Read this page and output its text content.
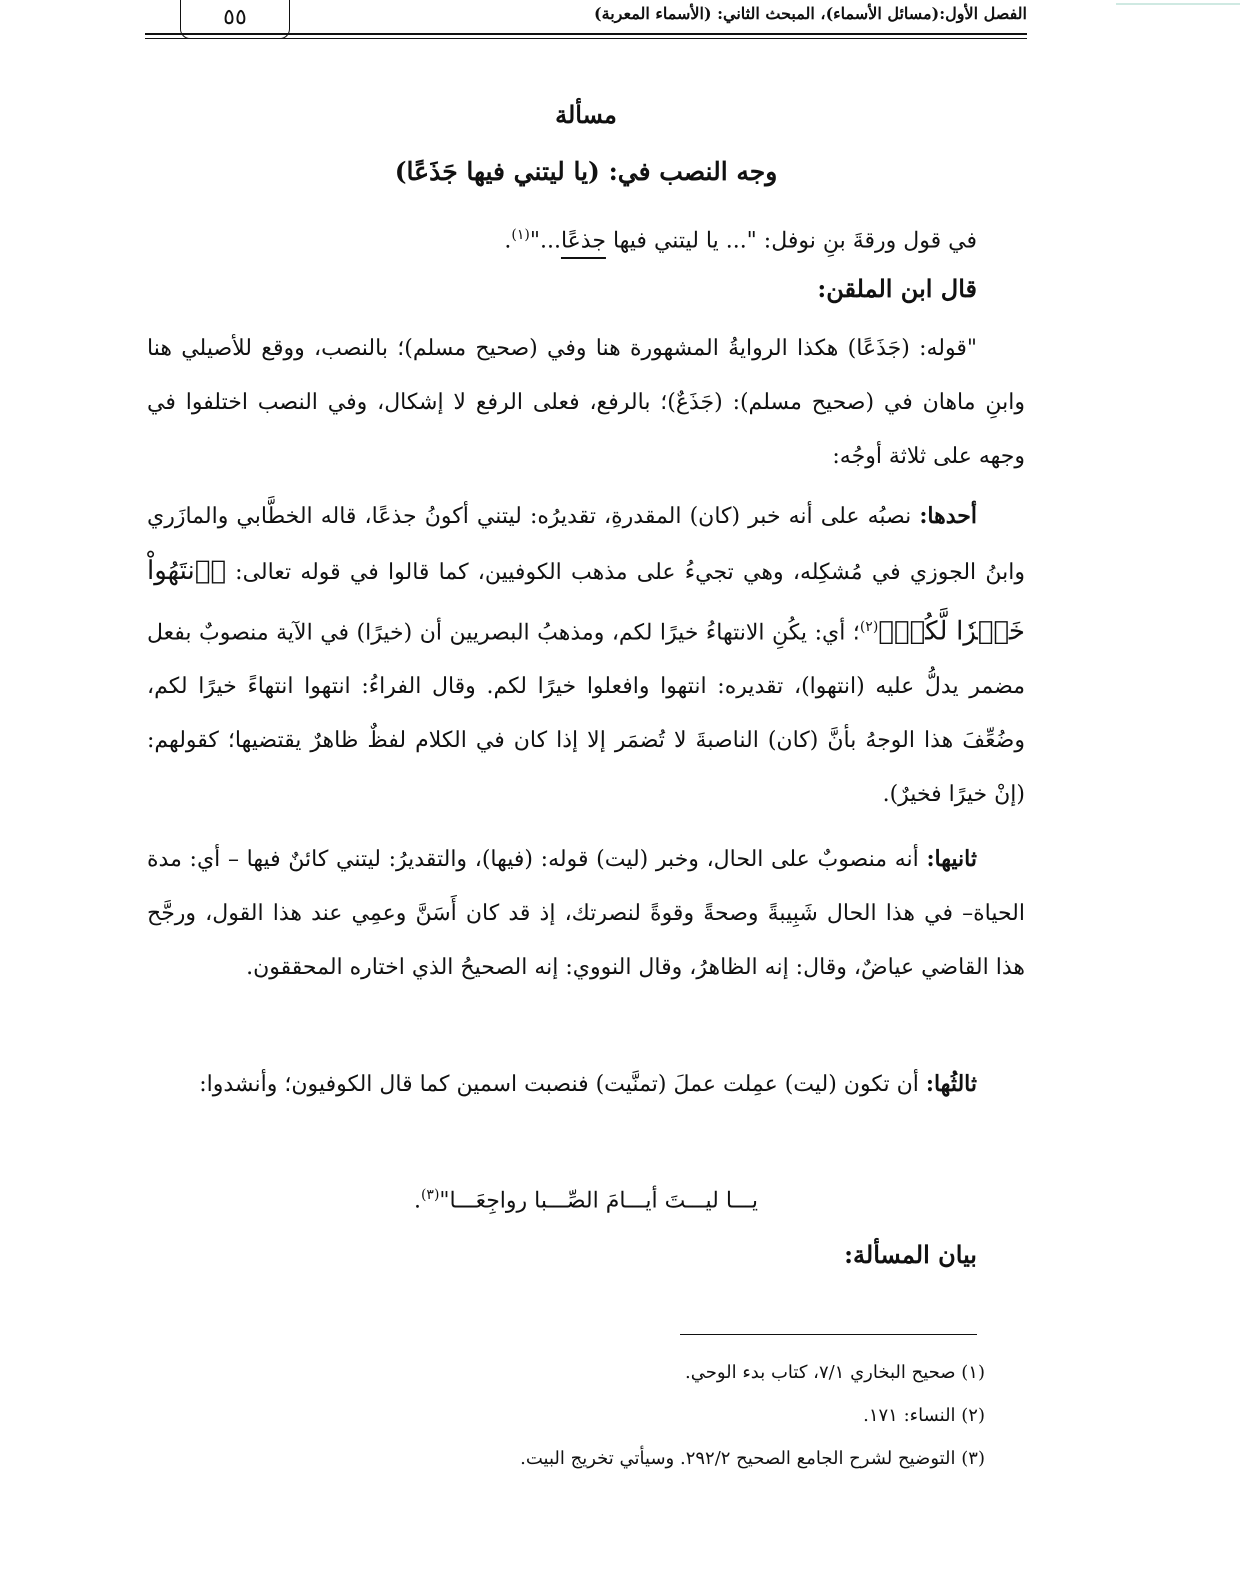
٥٥	الفصل الأول:(مسائل الأسماء)، المبحث الثاني: (الأسماء المعربة)
مسألة
وجه النصب في: (يا ليتني فيها جَذَعًا)
في قول ورقةَ بنِ نوفل: "... يا ليتني فيها جذعًا..."$^{(١)}$.
قال ابن الملقن:
"قوله: (جَذَعًا) هكذا الروايةُ المشهورة هنا وفي (صحيح مسلم)؛ بالنصب، ووقع للأصيلي هنا وابنِ ماهان في (صحيح مسلم): (جَذَعٌ)؛ بالرفع، فعلى الرفع لا إشكال، وفي النصب اختلفوا في وجهه على ثلاثة أوجُه:
أحدها: نصبُه على أنه خبر (كان) المقدرةِ، تقديرُه: ليتني أكونُ جذعًا، قاله الخطَّابي والمازَري وابنُ الجوزي في مُشكِله، وهي تجيءُ على مذهب الكوفيين، كما قالوا في قوله تعالى: ﴿ٱنتَهُواْ خَيۡرٗا لَّكُمۡ﴾$^{(٢)}$؛ أي: يكُنِ الانتهاءُ خيرًا لكم، ومذهبُ البصريين أن (خيرًا) في الآية منصوبٌ بفعل مضمر يدلُّ عليه (انتهوا)، تقديره: انتهوا وافعلوا خيرًا لكم. وقال الفراءُ: انتهوا انتهاءً خيرًا لكم، وضُعِّفَ هذا الوجهُ بأنَّ (كان) الناصبةَ لا تُضمَر إلا إذا كان في الكلام لفظٌ ظاهرٌ يقتضيها؛ كقولهم: (إنْ خيرًا فخيرٌ).
ثانيها: أنه منصوبٌ على الحال، وخبر (ليت) قوله: (فيها)، والتقديرُ: ليتني كائنٌ فيها – أي: مدة الحياة– في هذا الحال شَبِيبةً وصحةً وقوةً لنصرتك، إذ قد كان أَسَنَّ وعمِي عند هذا القول، ورجَّح هذا القاضي عياضٌ، وقال: إنه الظاهرُ، وقال النووي: إنه الصحيحُ الذي اختاره المحققون.
ثالثُها: أن تكون (ليت) عمِلت عملَ (تمنَّيت) فنصبت اسمين كما قال الكوفيون؛ وأنشدوا:
يـــا ليـــتَ أيـــامَ الصِّـــبا رواجِعَـــا"$^{(٣)}$.
بيان المسألة:
(١) صحيح البخاري ٧/١، كتاب بدء الوحي.
(٢) النساء: ١٧١.
(٣) التوضيح لشرح الجامع الصحيح ٢٩٢/٢. وسيأتي تخريج البيت.
